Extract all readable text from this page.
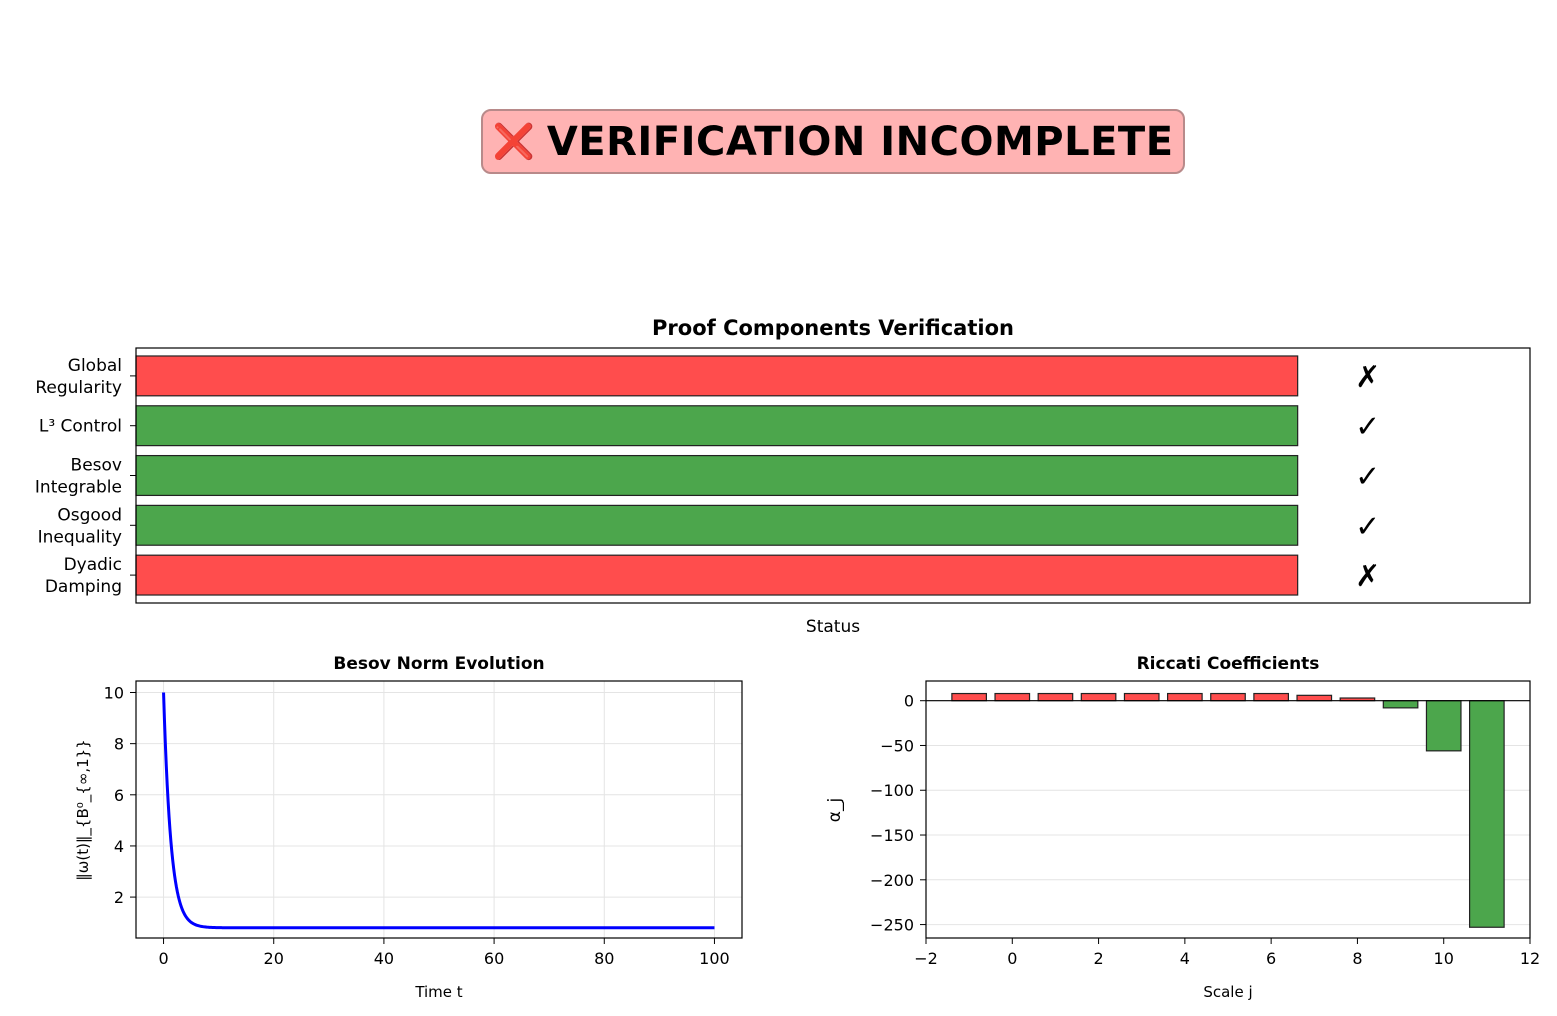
❌ VERIFICATION INCOMPLETE
Proof Components Verification
✗
Global
Regularity
✓
L³ Control
✓
Besov
Integrable
✓
Osgood
Inequality
✗
Dyadic
Damping
Status
Besov Norm Evolution
0	20	40	60	80	100
2
4
6
8
10
Time t
‖ω(t)‖_{B⁰_{∞,1}}
Riccati Coefficients
0
−50
−100
−150
−200
−250
−2	0	2	4	6	8	10	12
Scale j
α_j
